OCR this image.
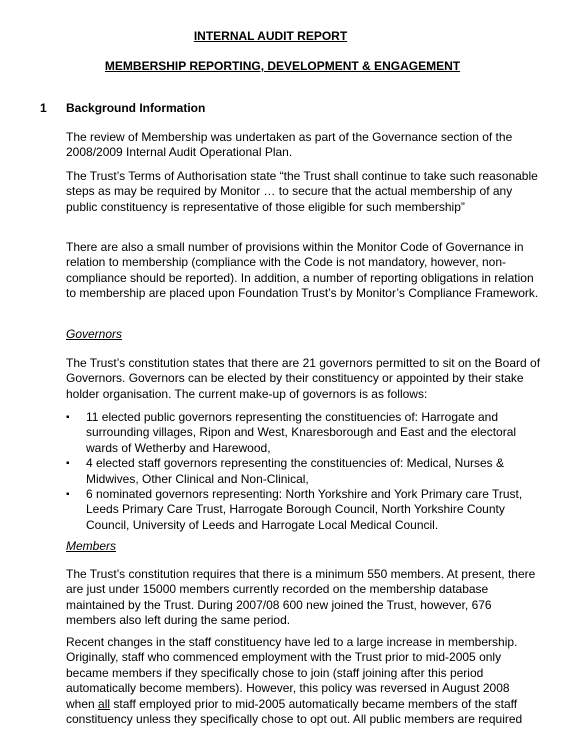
INTERNAL AUDIT REPORT
MEMBERSHIP REPORTING, DEVELOPMENT & ENGAGEMENT
1 Background Information

The review of Membership was undertaken as part of the Governance section of the 2008/2009 Internal Audit Operational Plan.

The Trust’s Terms of Authorisation state “the Trust shall continue to take such reasonable steps as may be required by Monitor … to secure that the actual membership of any public constituency is representative of those eligible for such membership”

There are also a small number of provisions within the Monitor Code of Governance in relation to membership (compliance with the Code is not mandatory, however, non-compliance should be reported). In addition, a number of reporting obligations in relation to membership are placed upon Foundation Trust’s by Monitor’s Compliance Framework.

Governors

The Trust’s constitution states that there are 21 governors permitted to sit on the Board of Governors. Governors can be elected by their constituency or appointed by their stake holder organisation. The current make-up of governors is as follows:

▪ 11 elected public governors representing the constituencies of: Harrogate and surrounding villages, Ripon and West, Knaresborough and East and the electoral wards of Wetherby and Harewood,
▪ 4 elected staff governors representing the constituencies of: Medical, Nurses & Midwives, Other Clinical and Non-Clinical,
▪ 6 nominated governors representing: North Yorkshire and York Primary care Trust, Leeds Primary Care Trust, Harrogate Borough Council, North Yorkshire County Council, University of Leeds and Harrogate Local Medical Council.

Members

The Trust’s constitution requires that there is a minimum 550 members. At present, there are just under 15000 members currently recorded on the membership database maintained by the Trust. During 2007/08 600 new joined the Trust, however, 676 members also left during the same period.

Recent changes in the staff constituency have led to a large increase in membership. Originally, staff who commenced employment with the Trust prior to mid-2005 only became members if they specifically chose to join (staff joining after this period automatically become members). However, this policy was reversed in August 2008 when all staff employed prior to mid-2005 automatically became members of the staff constituency unless they specifically chose to opt out. All public members are required
